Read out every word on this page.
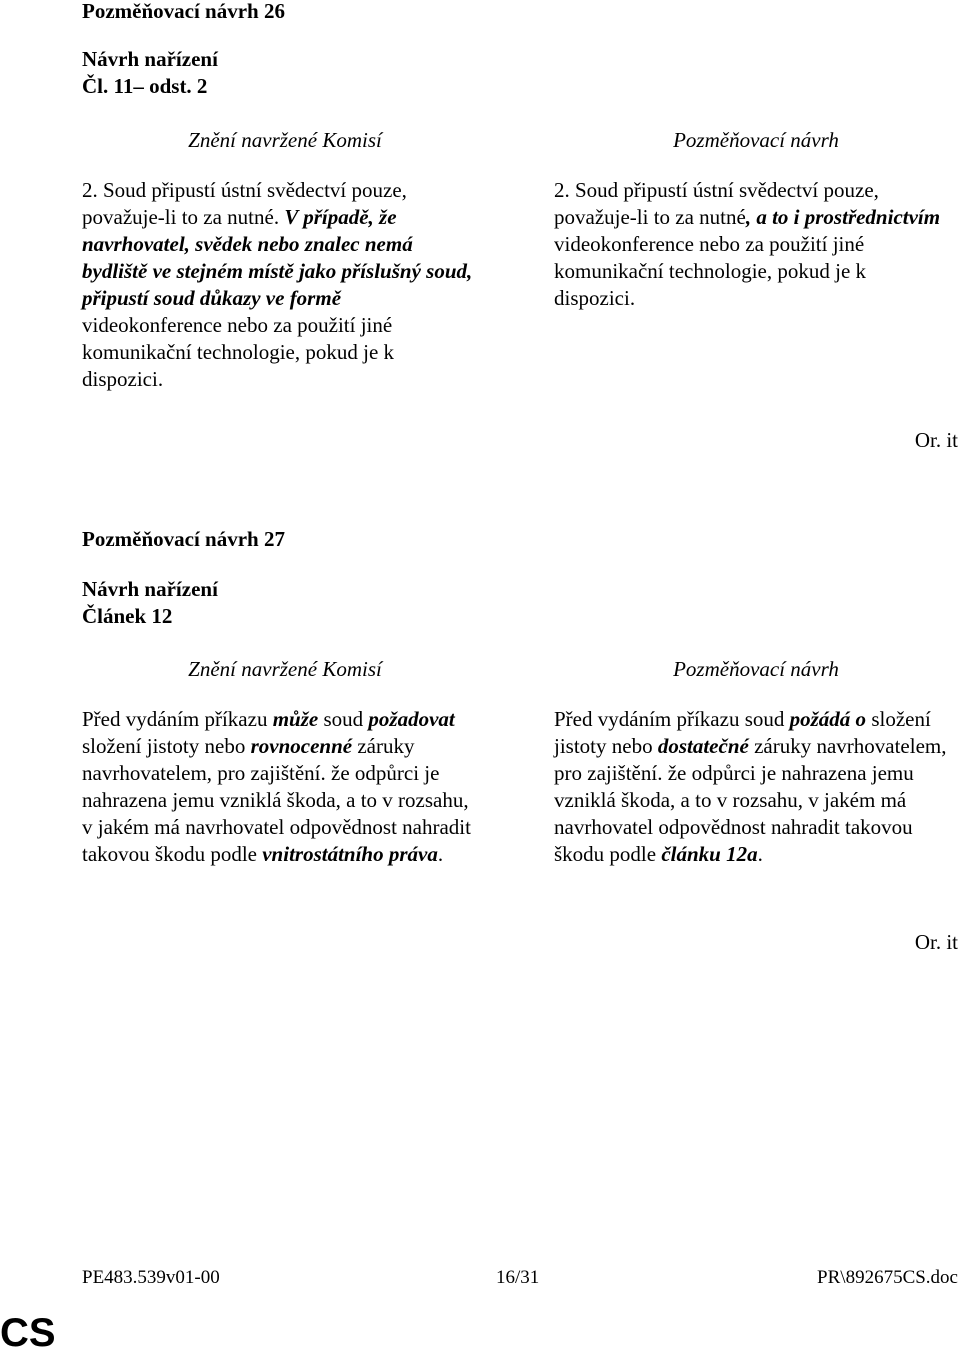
Pozměňovací návrh 26
Návrh nařízení
Čl. 11– odst. 2
Znění navržené Komisí	Pozměňovací návrh
2. Soud připustí ústní svědectví pouze, považuje-li to za nutné. V případě, že navrhovatel, svědek nebo znalec nemá bydliště ve stejném místě jako příslušný soud, připustí soud důkazy ve formě videokonference nebo za použití jiné komunikační technologie, pokud je k dispozici.
2. Soud připustí ústní svědectví pouze, považuje-li to za nutné, a to i prostřednictvím videokonference nebo za použití jiné komunikační technologie, pokud je k dispozici.
Or. it
Pozměňovací návrh 27
Návrh nařízení
Článek 12
Znění navržené Komisí	Pozměňovací návrh
Před vydáním příkazu může soud požadovat složení jistoty nebo rovnocenné záruky navrhovatelem, pro zajištění. že odpůrci je nahrazena jemu vzniklá škoda, a to v rozsahu, v jakém má navrhovatel odpovědnost nahradit takovou škodu podle vnitrostátního práva.
Před vydáním příkazu soud požádá o složení jistoty nebo dostatečné záruky navrhovatelem, pro zajištění. že odpůrci je nahrazena jemu vzniklá škoda, a to v rozsahu, v jakém má navrhovatel odpovědnost nahradit takovou škodu podle článku 12a.
Or. it
PE483.539v01-00	16/31	PR\892675CS.doc
CS
